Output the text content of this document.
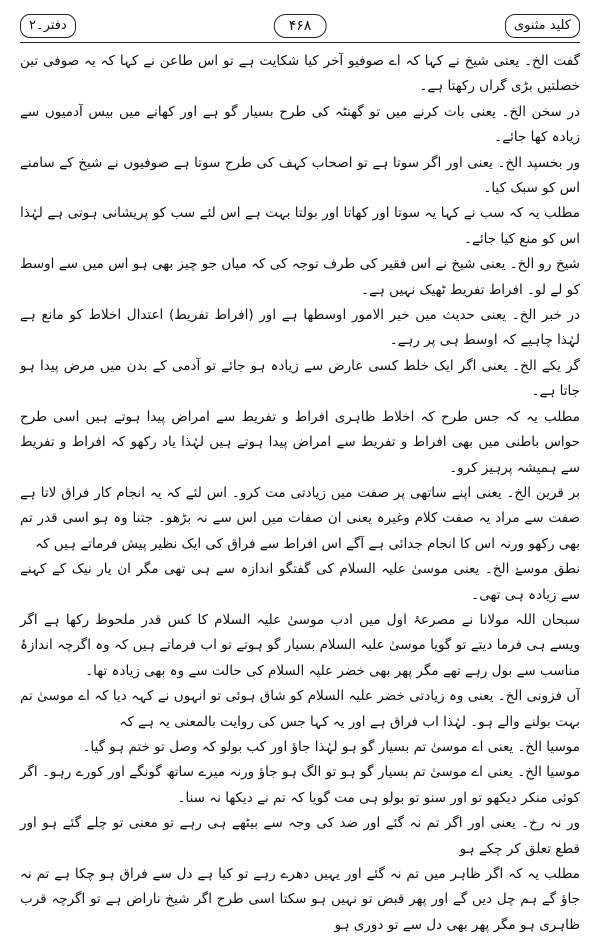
کلید مثنوی
۴۶۸
دفتر۔۲

گفت الخ۔ یعنی شیخ نے کہا کہ اے صوفیو آخر کیا شکایت ہے تو اس طاعن نے کہا کہ یہ صوفی تین خصلتیں بڑی گراں رکھتا ہے۔

در سخن الخ۔ یعنی بات کرنے میں تو گھنٹہ کی طرح بسیار گو ہے اور کھانے میں بیس آدمیوں سے زیادہ کھا جائے۔

ور بخسپد الخ۔ یعنی اور اگر سوتا ہے تو اصحاب کہف کی طرح سوتا ہے صوفیوں نے شیخ کے سامنے اس کو سبک کیا۔

مطلب یہ کہ سب نے کہا یہ سوتا اور کھاتا اور بولتا بہت ہے اس لئے سب کو پریشانی ہوتی ہے لہٰذا اس کو منع کیا جائے۔

شیخ رو الخ۔ یعنی شیخ نے اس فقیر کی طرف توجہ کی کہ میاں جو چیز بھی ہو اس میں سے اوسط کو لے لو۔ افراط تفریط ٹھیک نہیں ہے۔

در خبر الخ۔ یعنی حدیث میں خیر الامور اوسطھا ہے اور (افراط تفریط) اعتدال اخلاط کو مانع ہے لہٰذا چاہیے کہ اوسط ہی پر رہے۔

گر یکے الخ۔ یعنی اگر ایک خلط کسی عارض سے زیادہ ہو جائے تو آدمی کے بدن میں مرض پیدا ہو جاتا ہے۔

مطلب یہ کہ جس طرح کہ اخلاط ظاہری افراط و تفریط سے امراض پیدا ہوتے ہیں اسی طرح حواس باطنی میں بھی افراط و تفریط سے امراض پیدا ہوتے ہیں لہٰذا یاد رکھو کہ افراط و تفریط سے ہمیشہ پرہیز کرو۔

بر قرین الخ۔ یعنی اپنے ساتھی پر صفت میں زیادتی مت کرو۔ اس لئے کہ یہ انجام کار فراق لاتا ہے صفت سے مراد یہ صفت کلام وغیرہ یعنی ان صفات میں اس سے نہ بڑھو۔ جتنا وہ ہو اسی قدر تم بھی رکھو ورنہ اس کا انجام جدائی ہے آگے اس افراط سے فراق کی ایک نظیر پیش فرماتے ہیں کہ

نطق موسےٰ الخ۔ یعنی موسیٰ علیہ السلام کی گفتگو اندازہ سے ہی تھی مگر ان یار نیک کے کہنے سے زیادہ ہی تھی۔

سبحان اللہ مولانا نے مصرعۂ اول میں ادب موسیٰ علیہ السلام کا کس قدر ملحوظ رکھا ہے اگر ویسے ہی فرما دیتے تو گویا موسیٰ علیہ السلام بسیار گو ہوتے تو اب فرماتے ہیں کہ وہ اگرچہ اندازۂ مناسب سے بول رہے تھے مگر پھر بھی خضر علیہ السلام کی حالت سے وہ بھی زیادہ تھا۔

آں فزونی الخ۔ یعنی وہ زیادتی خضر علیہ السلام کو شاق ہوئی تو انہوں نے کہہ دیا کہ اے موسیٰ تم بہت بولنے والے ہو۔ لہٰذا اب فراق ہے اور یہ کہا جس کی روایت بالمعنی یہ ہے کہ

موسیا الخ۔ یعنی اے موسیٰ تم بسیار گو ہو لہٰذا جاؤ اور کب بولو کہ وصل تو ختم ہو گیا۔

موسیا الخ۔ یعنی اے موسیٰ تم بسیار گو ہو تو الگ ہو جاؤ ورنہ میرے ساتھ گونگے اور کورے رہو۔ اگر کوئی منکر دیکھو تو اور سنو تو بولو ہی مت گویا کہ تم نے دیکھا نہ سنا۔

ور نہ رخ۔ یعنی اور اگر تم نہ گئے اور ضد کی وجہ سے بیٹھے ہی رہے تو معنی تو چلے گئے ہو اور قطع تعلق کر چکے ہو

مطلب یہ کہ اگر ظاہر میں تم نہ گئے اور یہیں دھرے رہے تو کیا ہے دل سے فراق ہو چکا ہے تم نہ جاؤ گے ہم چل دیں گے اور پھر قبض تو نہیں ہو سکتا اسی طرح اگر شیخ ناراض ہے تو اگرچہ قرب ظاہری ہو مگر پھر بھی دل سے تو دوری ہو
